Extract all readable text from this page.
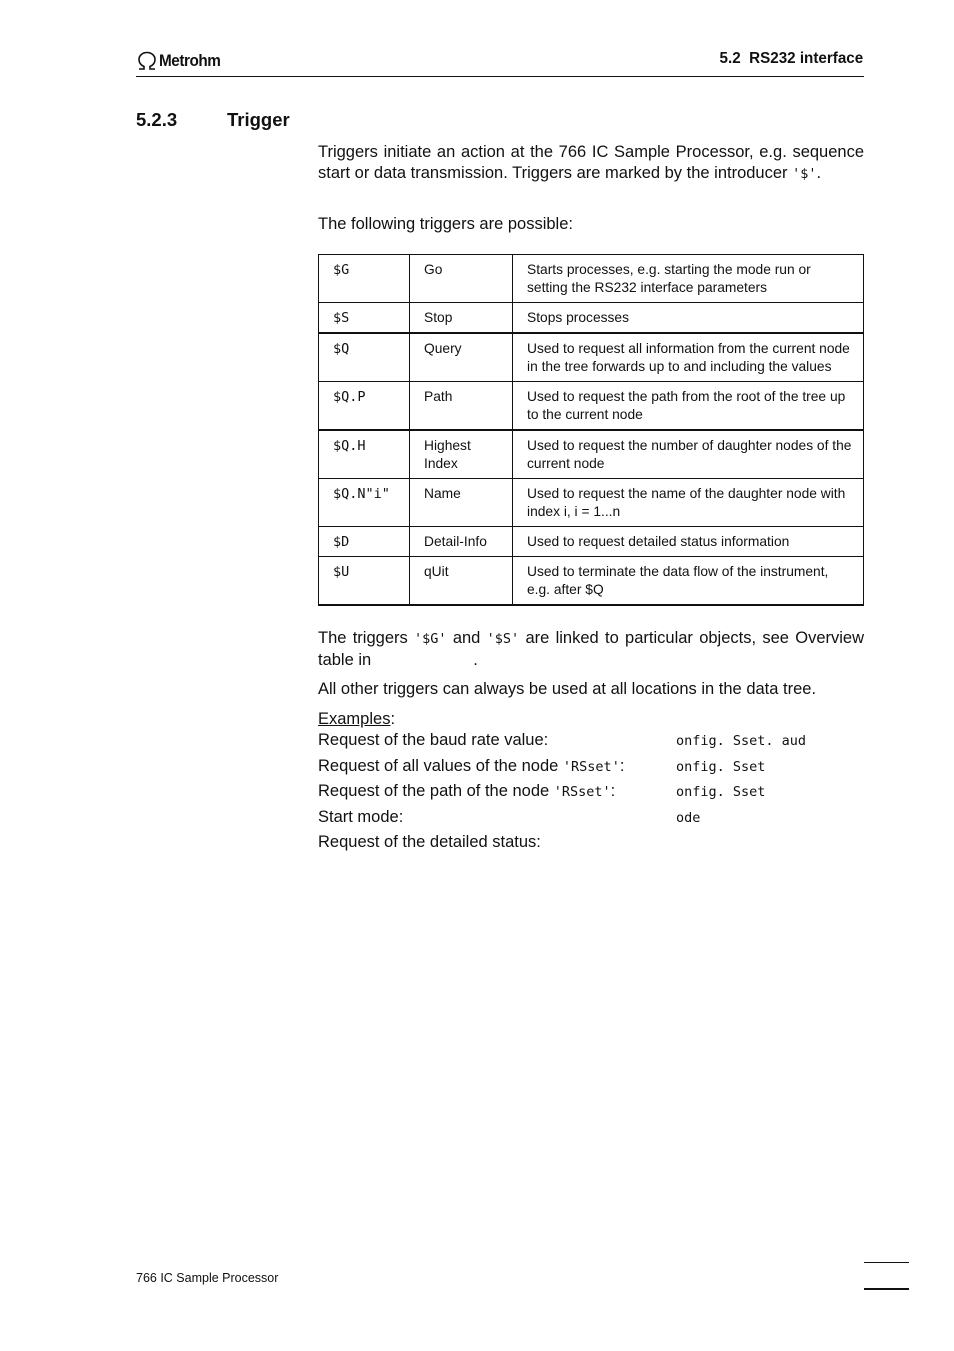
Metrohm	5.2  RS232 interface
5.2.3	Trigger
Triggers initiate an action at the 766 IC Sample Processor, e.g. sequence start or data transmission. Triggers are marked by the introducer '$'.
The following triggers are possible:
$G	Go	Starts processes, e.g. starting the mode run or setting the RS232 interface parameters
$S	Stop	Stops processes
$Q	Query	Used to request all information from the current node in the tree forwards up to and including the values
$Q.P	Path	Used to request the path from the root of the tree up to the current node
$Q.H	Highest Index	Used to request the number of daughter nodes of the current node
$Q.N"i"	Name	Used to request the name of the daughter node with index i, i = 1...n
$D	Detail-Info	Used to request detailed status information
$U	qUit	Used to terminate the data flow of the instrument, e.g. after $Q
The triggers '$G' and '$S' are linked to particular objects, see Overview table in	.
All other triggers can always be used at all locations in the data tree.
Examples:
Request of the baud rate value:	onfig. Sset. aud
Request of all values of the node 'RSset':	onfig. Sset
Request of the path of the node 'RSset':	onfig. Sset
Start mode:	ode
Request of the detailed status:
766 IC Sample Processor
